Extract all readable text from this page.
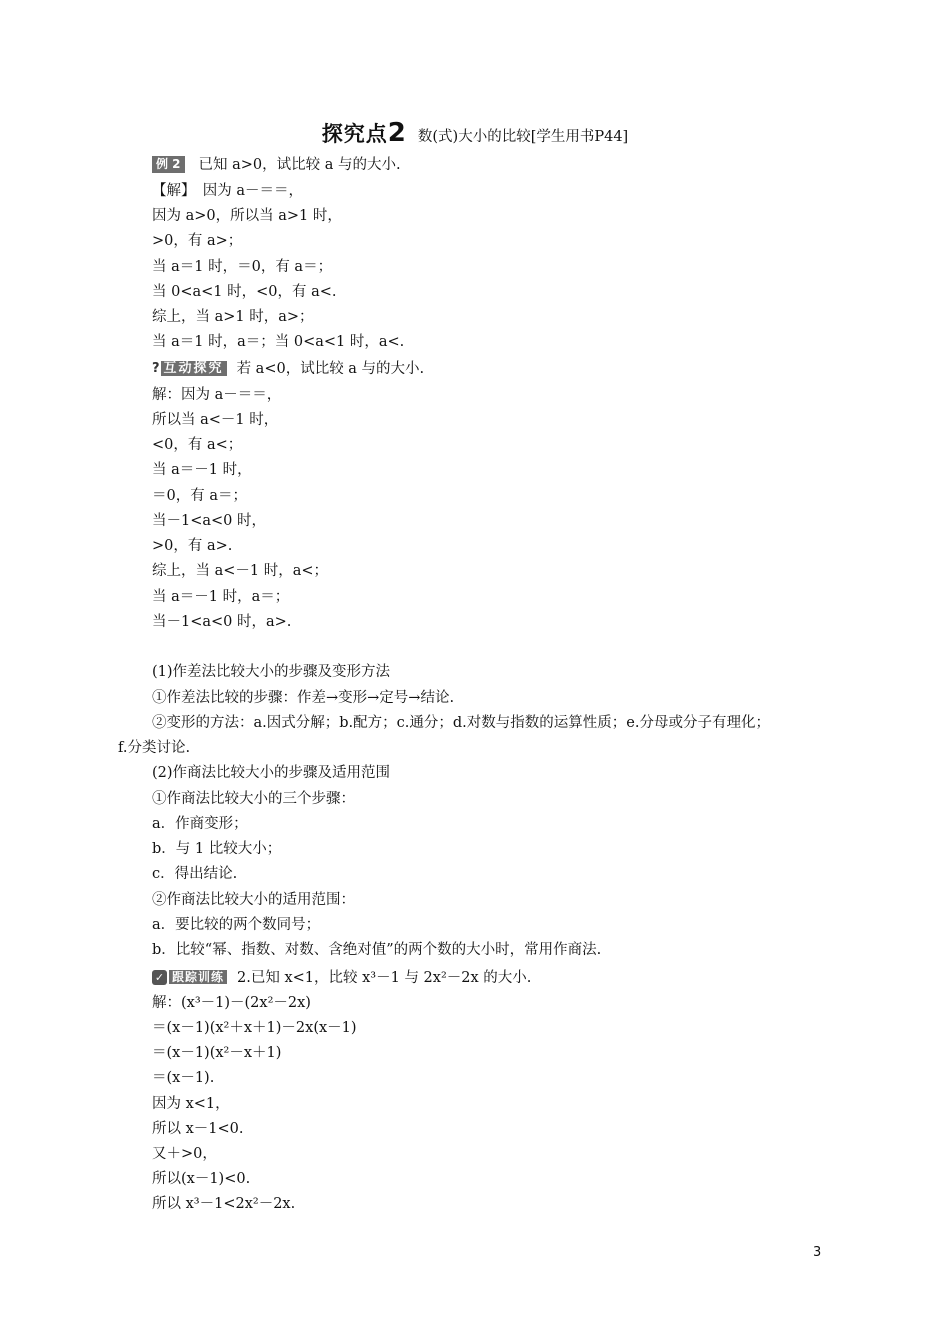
探究点2 数(式)大小的比较[学生用书P44]
例 2 已知 a>0，试比较 a 与的大小.
【解】　因为 a－＝＝，
因为 a>0，所以当 a>1 时，
>0，有 a>；
当 a＝1 时，＝0，有 a＝；
当 0<a<1 时，<0，有 a<.
综上，当 a>1 时，a>；
当 a＝1 时，a＝；当 0<a<1 时，a<.
? 互动探究 若 a<0，试比较 a 与的大小.
解：因为 a－＝＝，
所以当 a<－1 时，
<0，有 a<；
当 a＝－1 时，
＝0，有 a＝；
当－1<a<0 时，
>0，有 a>.
综上，当 a<－1 时，a<；
当 a＝－1 时，a＝；
当－1<a<0 时，a>.
(1)作差法比较大小的步骤及变形方法
①作差法比较的步骤：作差→变形→定号→结论.
②变形的方法：a.因式分解；b.配方；c.通分；d.对数与指数的运算性质；e.分母或分子有理化；
f.分类讨论.
(2)作商法比较大小的步骤及适用范围
①作商法比较大小的三个步骤：
a．作商变形；
b．与 1 比较大小；
c．得出结论.
②作商法比较大小的适用范围：
a．要比较的两个数同号；
b．比较“幂、指数、对数、含绝对值”的两个数的大小时，常用作商法.
✓ 跟踪训练 2.已知 x<1，比较 x³－1 与 2x²－2x 的大小.
解：(x³－1)－(2x²－2x)
＝(x－1)(x²＋x＋1)－2x(x－1)
＝(x－1)(x²－x＋1)
＝(x－1).
因为 x<1，
所以 x－1<0.
又＋>0，
所以(x－1)<0.
所以 x³－1<2x²－2x.
3
